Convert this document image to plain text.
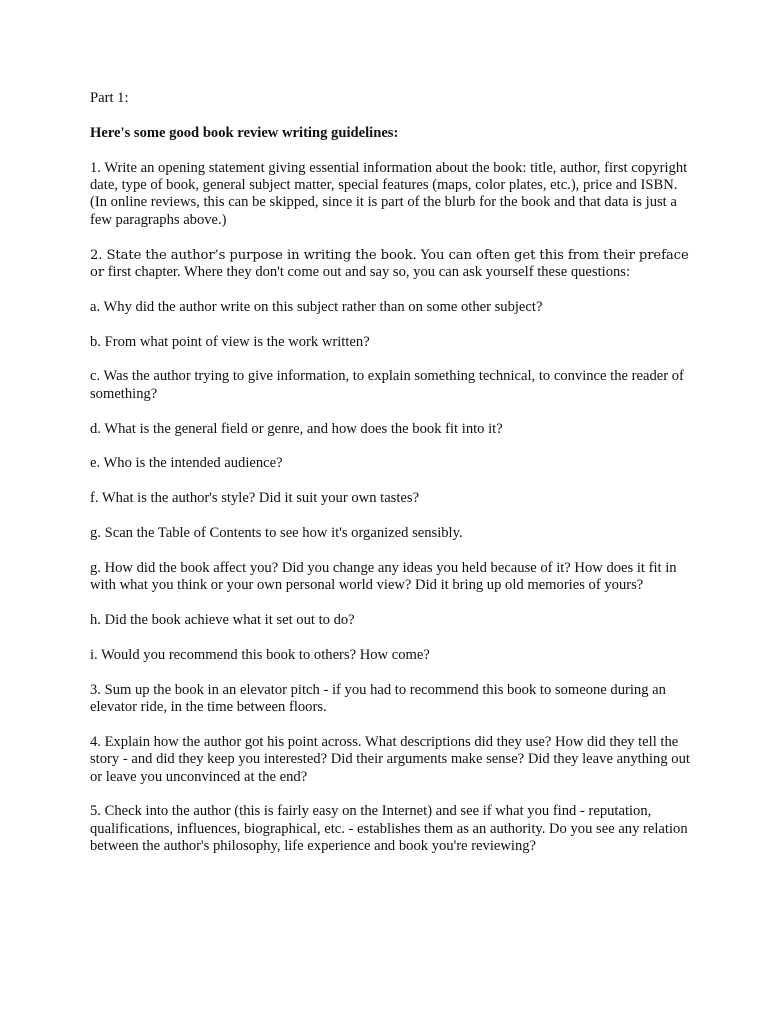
Part 1:

Here's some good book review writing guidelines:

1. Write an opening statement giving essential information about the book: title, author, first copyright date, type of book, general subject matter, special features (maps, color plates, etc.), price and ISBN. (In online reviews, this can be skipped, since it is part of the blurb for the book and that data is just a few paragraphs above.)

2. State the author’s purpose in writing the book. You can often get this from their preface or first chapter. Where they don't come out and say so, you can ask yourself these questions:

a. Why did the author write on this subject rather than on some other subject?

b. From what point of view is the work written?

c. Was the author trying to give information, to explain something technical, to convince the reader of something?

d. What is the general field or genre, and how does the book fit into it?

e. Who is the intended audience?

f. What is the author's style? Did it suit your own tastes?

g. Scan the Table of Contents to see how it's organized sensibly.

g. How did the book affect you? Did you change any ideas you held because of it? How does it fit in with what you think or your own personal world view? Did it bring up old memories of yours?

h. Did the book achieve what it set out to do?

i. Would you recommend this book to others? How come?

3. Sum up the book in an elevator pitch - if you had to recommend this book to someone during an elevator ride, in the time between floors.

4. Explain how the author got his point across. What descriptions did they use? How did they tell the story - and did they keep you interested? Did their arguments make sense? Did they leave anything out or leave you unconvinced at the end?

5. Check into the author (this is fairly easy on the Internet) and see if what you find - reputation, qualifications, influences, biographical, etc. - establishes them as an authority. Do you see any relation between the author's philosophy, life experience and book you're reviewing?
